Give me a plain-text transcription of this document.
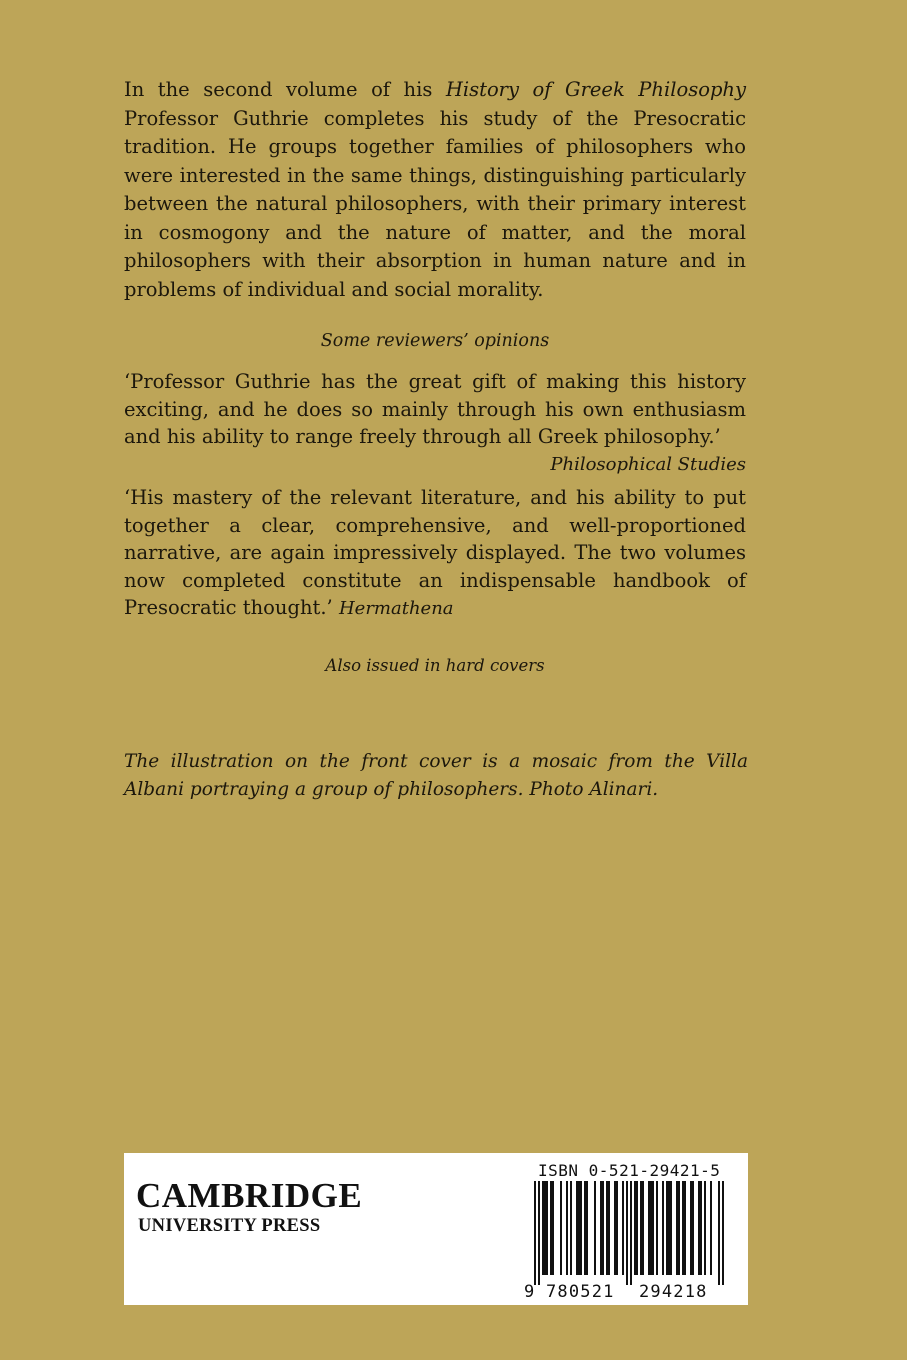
In the second volume of his History of Greek Philosophy Professor Guthrie completes his study of the Presocratic tradition. He groups together families of philosophers who were interested in the same things, distinguishing particularly between the natural philosophers, with their primary interest in cosmogony and the nature of matter, and the moral philosophers with their absorption in human nature and in problems of individual and social morality.

Some reviewers’ opinions
‘Professor Guthrie has the great gift of making this history exciting, and he does so mainly through his own enthusiasm and his ability to range freely through all Greek philosophy.’
Philosophical Studies
‘His mastery of the relevant literature, and his ability to put together a clear, comprehensive, and well-proportioned narrative, are again impressively displayed. The two volumes now completed constitute an indispensable handbook of Presocratic thought.’ Hermathena
Also issued in hard covers
The illustration on the front cover is a mosaic from the Villa Albani portraying a group of philosophers. Photo Alinari.
CAMBRIDGE
UNIVERSITY PRESS
ISBN 0-521-29421-5
9 780521 294218
